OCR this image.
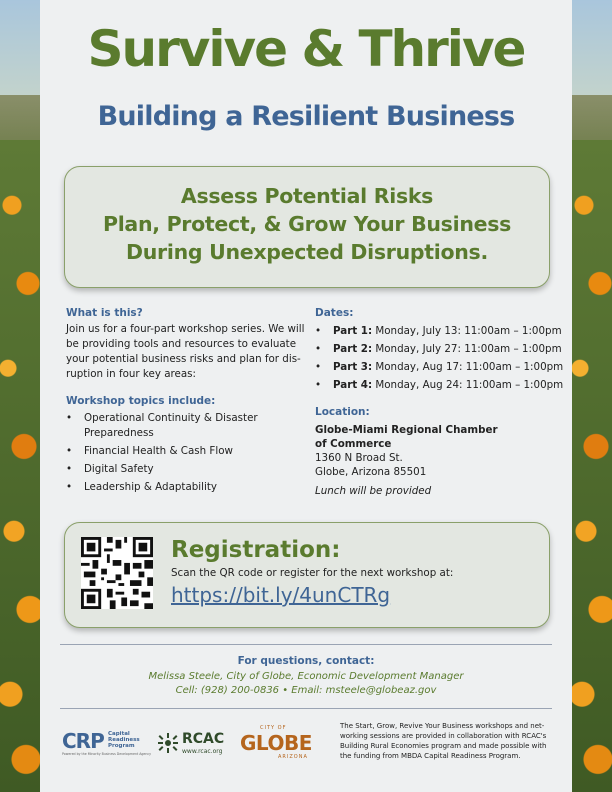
Survive & Thrive
Building a Resilient Business
Assess Potential Risks
Plan, Protect, & Grow Your Business
During Unexpected Disruptions.
What is this?
Join us for a four-part workshop series. We will
be providing tools and resources to evaluate
your potential business risks and plan for dis-
ruption in four key areas:
Workshop topics include:
• Operational Continuity & Disaster
Preparedness
• Financial Health & Cash Flow
• Digital Safety
• Leadership & Adaptability
Dates:
• Part 1: Monday, July 13: 11:00am – 1:00pm
• Part 2: Monday, July 27: 11:00am – 1:00pm
• Part 3: Monday, Aug 17: 11:00am – 1:00pm
• Part 4: Monday, Aug 24: 11:00am – 1:00pm
Location:
Globe-Miami Regional Chamber
of Commerce
1360 N Broad St.
Globe, Arizona 85501
Lunch will be provided
Registration:
Scan the QR code or register for the next workshop at:
https://bit.ly/4unCTRg
For questions, contact:
Melissa Steele, City of Globe, Economic Development Manager
Cell: (928) 200-0836 • Email: msteele@globeaz.gov
CRP Capital
Readiness
Program
Powered by the Minority Business Development Agency
RCAC
www.rcac.org
CITY OF
GLOBE
ARIZONA
The Start, Grow, Revive Your Business workshops and net-
working sessions are provided in collaboration with RCAC's
Building Rural Economies program and made possible with
the funding from MBDA Capital Readiness Program.
